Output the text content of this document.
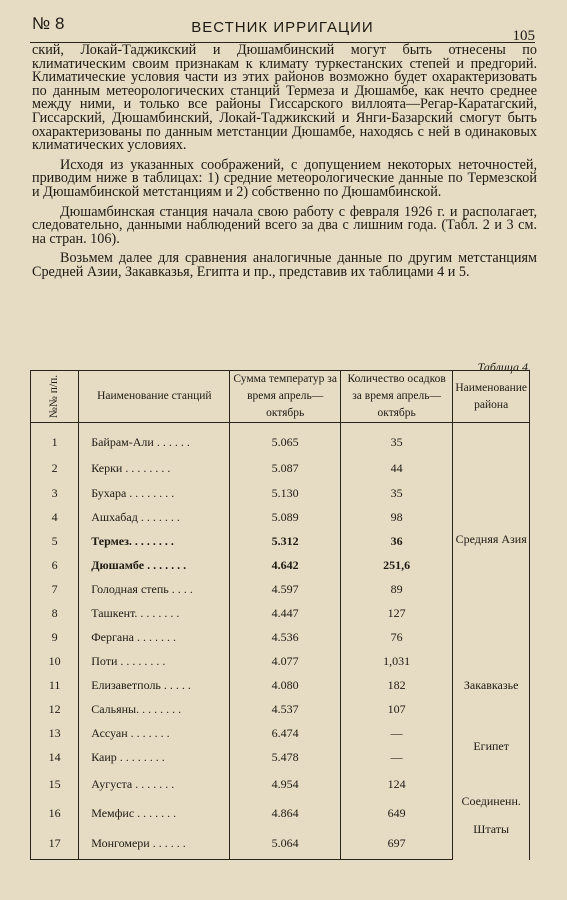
№ 8	ВЕСТНИК ИРРИГАЦИИ	105

ский, Локай-Таджикский и Дюшамбинский могут быть отнесены по климатическим своим признакам к климату туркестанских степей и предгорий. Климатические условия части из этих районов возможно будет охарактеризовать по данным метеорологических станций Термеза и Дюшамбе, как нечто среднее между ними, и только все районы Гиссарского виллоята—Регар-Каратагский, Гиссарский, Дюшамбинский, Локай-Таджикский и Янги-Базарский смогут быть охарактеризованы по данным метстанции Дюшамбе, находясь с ней в одинаковых климатических условиях.

Исходя из указанных соображений, с допущением некоторых неточностей, приводим ниже в таблицах: 1) средние метеорологические данные по Термезской и Дюшамбинской метстанциям и 2) собственно по Дюшамбинской.

Дюшамбинская станция начала свою работу с февраля 1926 г. и располагает, следовательно, данными наблюдений всего за два с лишним года. (Табл. 2 и 3 см. на стран. 106).

Возьмем далее для сравнения аналогичные данные по другим метстанциям Средней Азии, Закавказья, Египта и пр., представив их таблицами 4 и 5.

Таблица 4.
№№ п/п.	Наименование станций	Сумма температур за время апрель—октябрь	Количество осадков за время апрель—октябрь	Наименование района
1	Байрам-Али . . . . . .	5.065	35	Средняя Азия
2	Керки . . . . . . . .	5.087	44	
3	Бухара . . . . . . . .	5.130	35	
4	Ашхабад . . . . . . .	5.089	98	
5	Термез. . . . . . . .	5.312	36	
6	Дюшамбе . . . . . . .	4.642	251,6	
7	Голодная степь . . . .	4.597	89	
8	Ташкент. . . . . . . .	4.447	127	
9	Фергана . . . . . . .	4.536	76	
10	Поти . . . . . . . .	4.077	1,031	Закавказье
11	Елизаветполь . . . . .	4.080	182	
12	Сальяны. . . . . . . .	4.537	107	
13	Ассуан . . . . . . .	6.474	—	Египет
14	Каир . . . . . . . .	5.478	—	
15	Аугуста . . . . . . .	4.954	124	Соединенн. Штаты
16	Мемфис . . . . . . .	4.864	649	
17	Монгомери . . . . . .	5.064	697	
